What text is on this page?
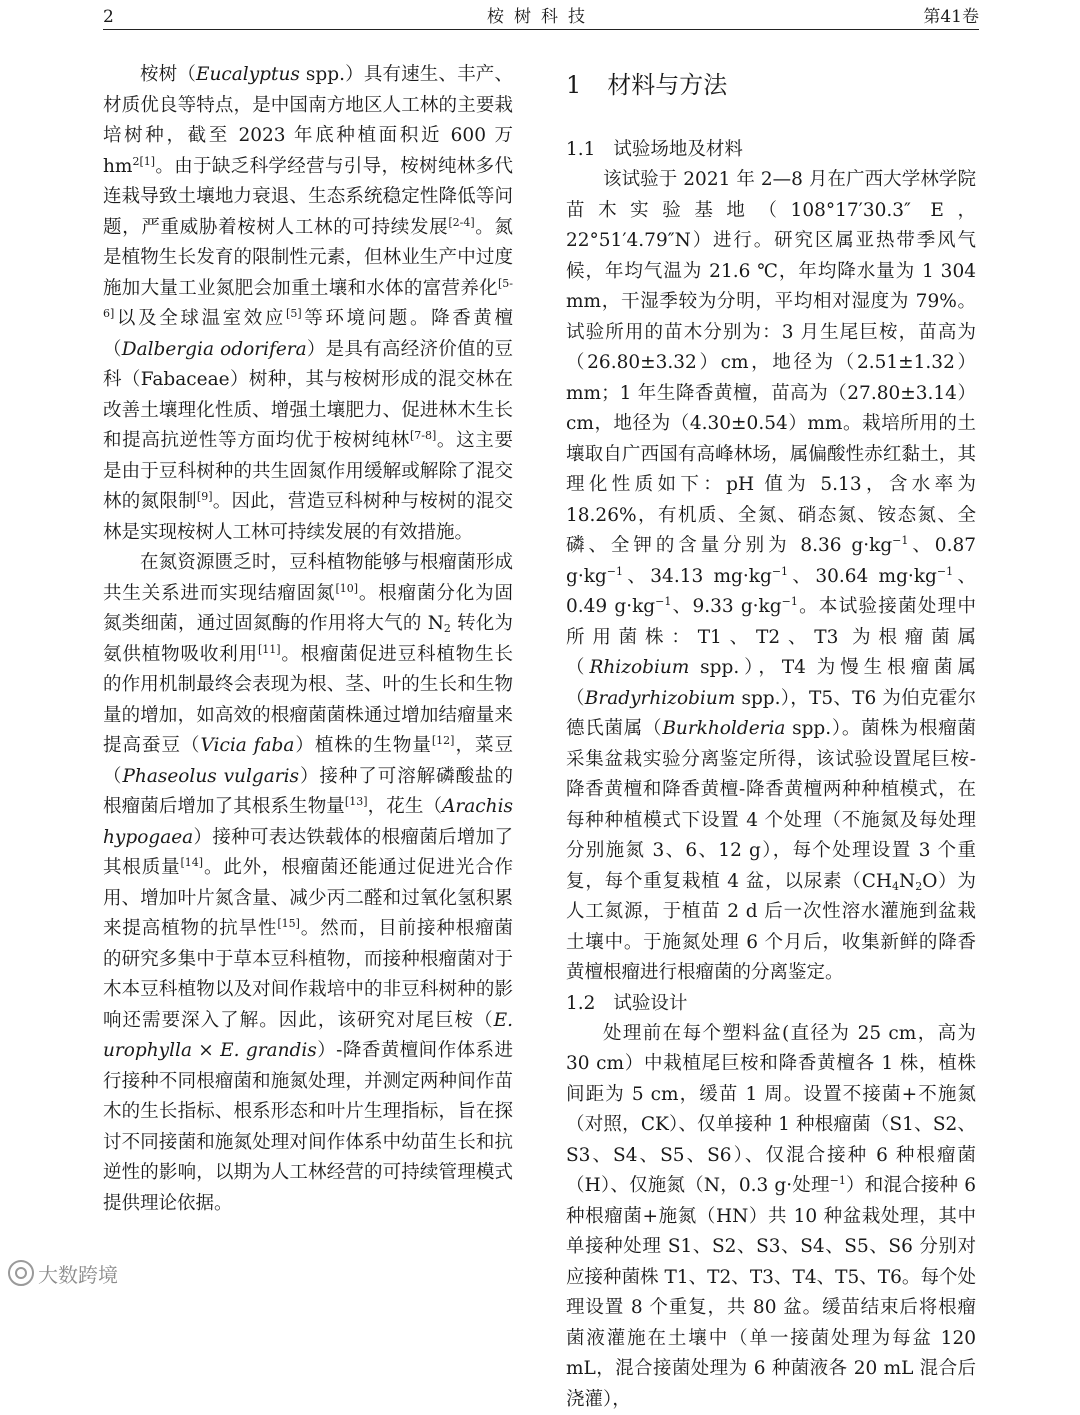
2	桉树科技	第41卷

桉树（Eucalyptus spp.）具有速生、丰产、材质优良等特点，是中国南方地区人工林的主要栽培树种，截至 2023 年底种植面积近 600 万 $hm^{2[1]}$。由于缺乏科学经营与引导，桉树纯林多代连栽导致土壤地力衰退、生态系统稳定性降低等问题，严重威胁着桉树人工林的可持续发展[2-4]。氮是植物生长发育的限制性元素，但林业生产中过度施加大量工业氮肥会加重土壤和水体的富营养化[5-6]以及全球温室效应[5]等环境问题。降香黄檀（Dalbergia odorifera）是具有高经济价值的豆科（Fabaceae）树种，其与桉树形成的混交林在改善土壤理化性质、增强土壤肥力、促进林木生长和提高抗逆性等方面均优于桉树纯林[7-8]。这主要是由于豆科树种的共生固氮作用缓解或解除了混交林的氮限制[9]。因此，营造豆科树种与桉树的混交林是实现桉树人工林可持续发展的有效措施。

在氮资源匮乏时，豆科植物能够与根瘤菌形成共生关系进而实现结瘤固氮[10]。根瘤菌分化为固氮类细菌，通过固氮酶的作用将大气的 $N_2$ 转化为氨供植物吸收利用[11]。根瘤菌促进豆科植物生长的作用机制最终会表现为根、茎、叶的生长和生物量的增加，如高效的根瘤菌菌株通过增加结瘤量来提高蚕豆（Vicia faba）植株的生物量[12]，菜豆（Phaseolus vulgaris）接种了可溶解磷酸盐的根瘤菌后增加了其根系生物量[13]，花生（Arachis hypogaea）接种可表达铁载体的根瘤菌后增加了其根质量[14]。此外，根瘤菌还能通过促进光合作用、增加叶片氮含量、减少丙二醛和过氧化氢积累来提高植物的抗旱性[15]。然而，目前接种根瘤菌的研究多集中于草本豆科植物，而接种根瘤菌对于木本豆科植物以及对间作栽培中的非豆科树种的影响还需要深入了解。因此，该研究对尾巨桉（E. urophylla × E. grandis）-降香黄檀间作体系进行接种不同根瘤菌和施氮处理，并测定两种间作苗木的生长指标、根系形态和叶片生理指标，旨在探讨不同接菌和施氮处理对间作体系中幼苗生长和抗逆性的影响，以期为人工林经营的可持续管理模式提供理论依据。

1 材料与方法
1.1 试验场地及材料

该试验于 2021 年 2—8 月在广西大学林学院苗木实验基地（108°17′30.3″ E，22°51′4.79″N）进行。研究区属亚热带季风气候，年均气温为 21.6 ℃，年均降水量为 1 304 mm，干湿季较为分明，平均相对湿度为 79%。试验所用的苗木分别为：3 月生尾巨桉，苗高为（26.80±3.32）cm，地径为（2.51±1.32）mm；1 年生降香黄檀，苗高为（27.80±3.14）cm，地径为（4.30±0.54）mm。栽培所用的土壤取自广西国有高峰林场，属偏酸性赤红黏土，其理化性质如下：pH 值为 5.13，含水率为 18.26%，有机质、全氮、硝态氮、铵态氮、全磷、全钾的含量分别为 8.36 $g\cdot kg^{-1}$、0.87 $g\cdot kg^{-1}$、34.13 $mg\cdot kg^{-1}$、30.64 $mg\cdot kg^{-1}$、0.49 $g\cdot kg^{-1}$、9.33 $g\cdot kg^{-1}$。本试验接菌处理中所用菌株：T1、T2、T3 为根瘤菌属（Rhizobium spp.），T4 为慢生根瘤菌属（Bradyrhizobium spp.），T5、T6 为伯克霍尔德氏菌属（Burkholderia spp.）。菌株为根瘤菌采集盆栽实验分离鉴定所得，该试验设置尾巨桉-降香黄檀和降香黄檀-降香黄檀两种种植模式，在每种种植模式下设置 4 个处理（不施氮及每处理分别施氮 3、6、12 g），每个处理设置 3 个重复，每个重复栽植 4 盆，以尿素$(CH_4N_2O)$为人工氮源，于植苗 2 d 后一次性溶水灌施到盆栽土壤中。于施氮处理 6 个月后，收集新鲜的降香黄檀根瘤进行根瘤菌的分离鉴定。

1.2 试验设计

处理前在每个塑料盆(直径为 25 cm，高为 30 cm）中栽植尾巨桉和降香黄檀各 1 株，植株间距为 5 cm，缓苗 1 周。设置不接菌+不施氮（对照，CK）、仅单接种 1 种根瘤菌（S1、S2、S3、S4、S5、S6）、仅混合接种 6 种根瘤菌（H）、仅施氮（N，0.3 g·处理$^{-1}$）和混合接种 6 种根瘤菌+施氮（HN）共 10 种盆栽处理，其中单接种处理 S1、S2、S3、S4、S5、S6 分别对应接种菌株 T1、T2、T3、T4、T5、T6。每个处理设置 8 个重复，共 80 盆。缓苗结束后将根瘤菌液灌施在土壤中（单一接菌处理为每盆 120 mL，混合接菌处理为 6 种菌液各 20 mL 混合后浇灌），

大数跨境
